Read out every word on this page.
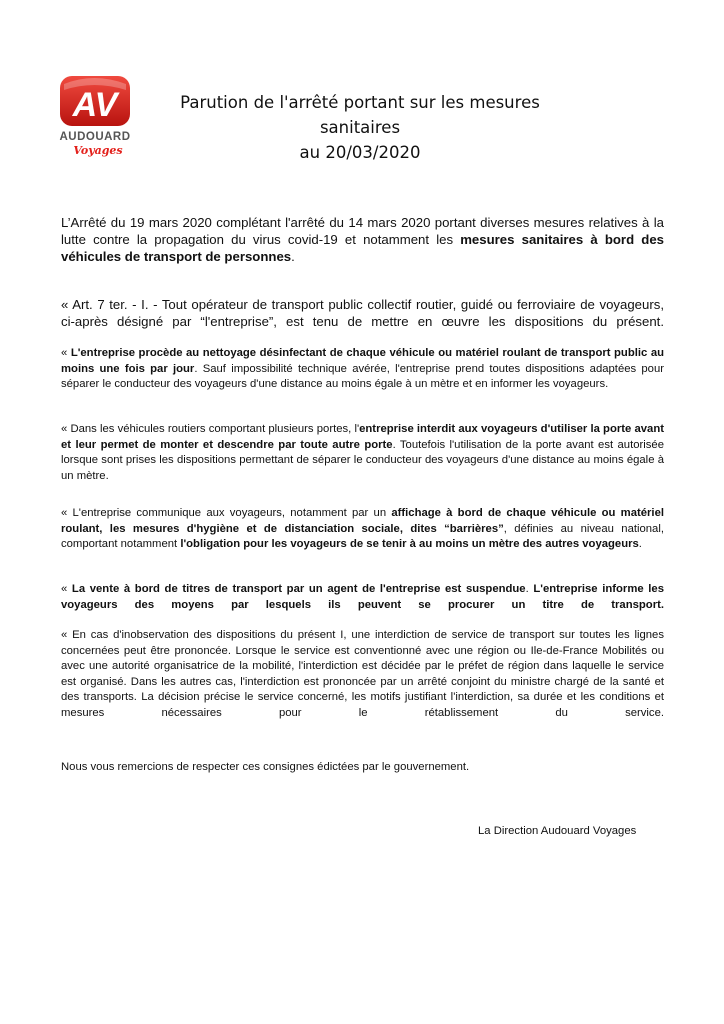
AV
AUDOUARD
Voyages
Parution de l'arrêté portant sur les mesures sanitaires
au 20/03/2020

L’Arrêté du 19 mars 2020 complétant l'arrêté du 14 mars 2020 portant diverses mesures relatives à la lutte contre la propagation du virus covid-19 et notamment les mesures sanitaires à bord des véhicules de transport de personnes.

« Art. 7 ter. - I. - Tout opérateur de transport public collectif routier, guidé ou ferroviaire de voyageurs, ci-après désigné par “l'entreprise”, est tenu de mettre en œuvre les dispositions du présent.

« L'entreprise procède au nettoyage désinfectant de chaque véhicule ou matériel roulant de transport public au moins une fois par jour. Sauf impossibilité technique avérée, l'entreprise prend toutes dispositions adaptées pour séparer le conducteur des voyageurs d'une distance au moins égale à un mètre et en informer les voyageurs.

« Dans les véhicules routiers comportant plusieurs portes, l'entreprise interdit aux voyageurs d'utiliser la porte avant et leur permet de monter et descendre par toute autre porte. Toutefois l'utilisation de la porte avant est autorisée lorsque sont prises les dispositions permettant de séparer le conducteur des voyageurs d'une distance au moins égale à un mètre.

« L'entreprise communique aux voyageurs, notamment par un affichage à bord de chaque véhicule ou matériel roulant, les mesures d'hygiène et de distanciation sociale, dites “barrières”, définies au niveau national, comportant notamment l'obligation pour les voyageurs de se tenir à au moins un mètre des autres voyageurs.

« La vente à bord de titres de transport par un agent de l'entreprise est suspendue. L'entreprise informe les voyageurs des moyens par lesquels ils peuvent se procurer un titre de transport.

« En cas d'inobservation des dispositions du présent I, une interdiction de service de transport sur toutes les lignes concernées peut être prononcée. Lorsque le service est conventionné avec une région ou Ile-de-France Mobilités ou avec une autorité organisatrice de la mobilité, l'interdiction est décidée par le préfet de région dans laquelle le service est organisé. Dans les autres cas, l'interdiction est prononcée par un arrêté conjoint du ministre chargé de la santé et des transports. La décision précise le service concerné, les motifs justifiant l'interdiction, sa durée et les conditions et mesures nécessaires pour le rétablissement du service.

Nous vous remercions de respecter ces consignes édictées par le gouvernement.
La Direction Audouard Voyages
